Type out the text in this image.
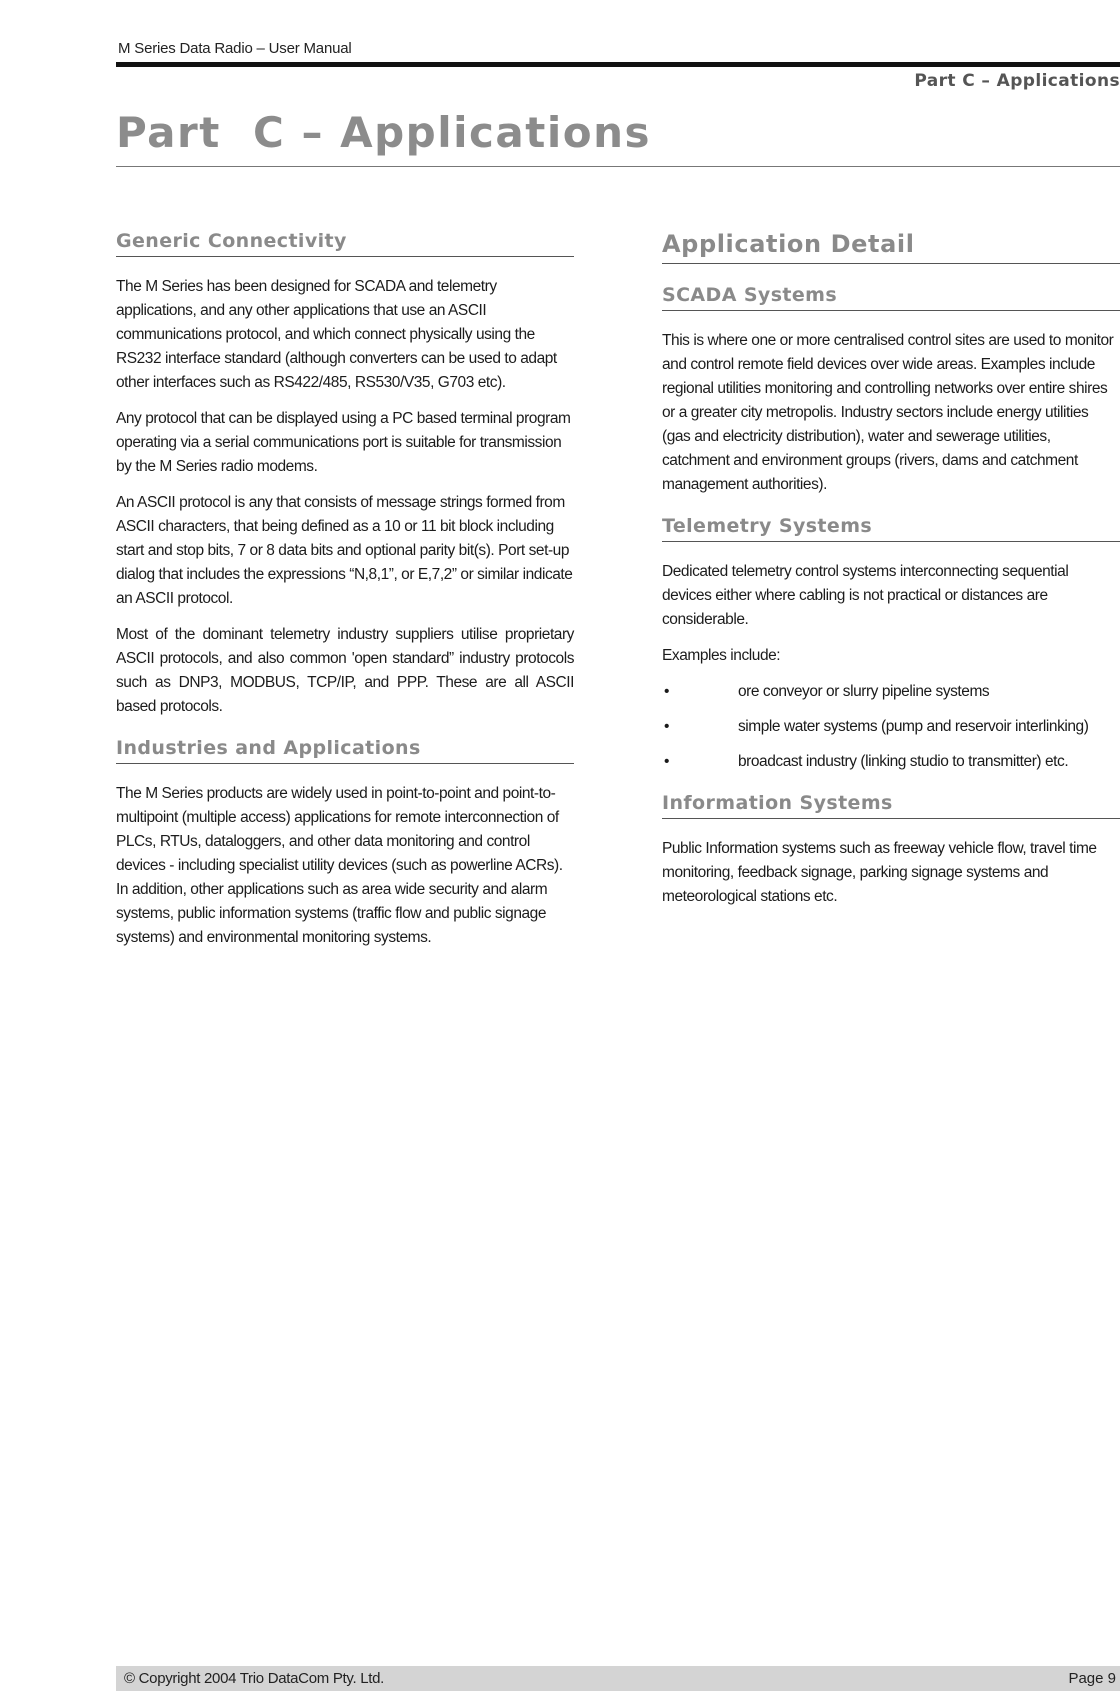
M Series Data Radio – User Manual
Part C – Applications
Part  C – Applications
Generic Connectivity

The M Series has been designed for SCADA and telemetry applications, and any other applications that use an ASCII communications protocol, and which connect physically using the RS232 interface standard (although converters can be used to adapt other interfaces such as RS422/485, RS530/V35, G703 etc).

Any protocol that can be displayed using a PC based terminal program operating via a serial communications port is suitable for transmission by the M Series radio modems.

An ASCII protocol is any that consists of message strings formed from ASCII characters, that being defined as a 10 or 11 bit block including start and stop bits, 7 or 8 data bits and optional parity bit(s). Port set-up dialog that includes the expressions “N,8,1”, or E,7,2” or similar indicate an ASCII protocol.

Most of the dominant telemetry industry suppliers utilise proprietary ASCII protocols, and also common 'open standard” industry protocols such as DNP3, MODBUS, TCP/IP, and PPP. These are all ASCII based protocols.

Industries and Applications

The M Series products are widely used in point-to-point and point-to-multipoint (multiple access) applications for remote interconnection of PLCs, RTUs, dataloggers, and other data monitoring and control devices - including specialist utility devices (such as powerline ACRs). In addition, other applications such as area wide security and alarm systems, public information systems (traffic flow and public signage systems) and environmental monitoring systems.

Application Detail
SCADA Systems

This is where one or more centralised control sites are used to monitor and control remote field devices over wide areas. Examples include regional utilities monitoring and controlling networks over entire shires or a greater city metropolis. Industry sectors include energy utilities (gas and electricity distribution), water and sewerage utilities, catchment and environment groups (rivers, dams and catchment management authorities).

Telemetry Systems

Dedicated telemetry control systems interconnecting sequential devices either where cabling is not practical or distances are considerable.

Examples include:

•	ore conveyor or slurry pipeline systems
•	simple water systems (pump and reservoir interlinking)
•	broadcast industry (linking studio to transmitter) etc.
Information Systems

Public Information systems such as freeway vehicle flow, travel time monitoring, feedback signage, parking signage systems and meteorological stations etc.

© Copyright 2004 Trio DataCom Pty. Ltd.	Page 9
